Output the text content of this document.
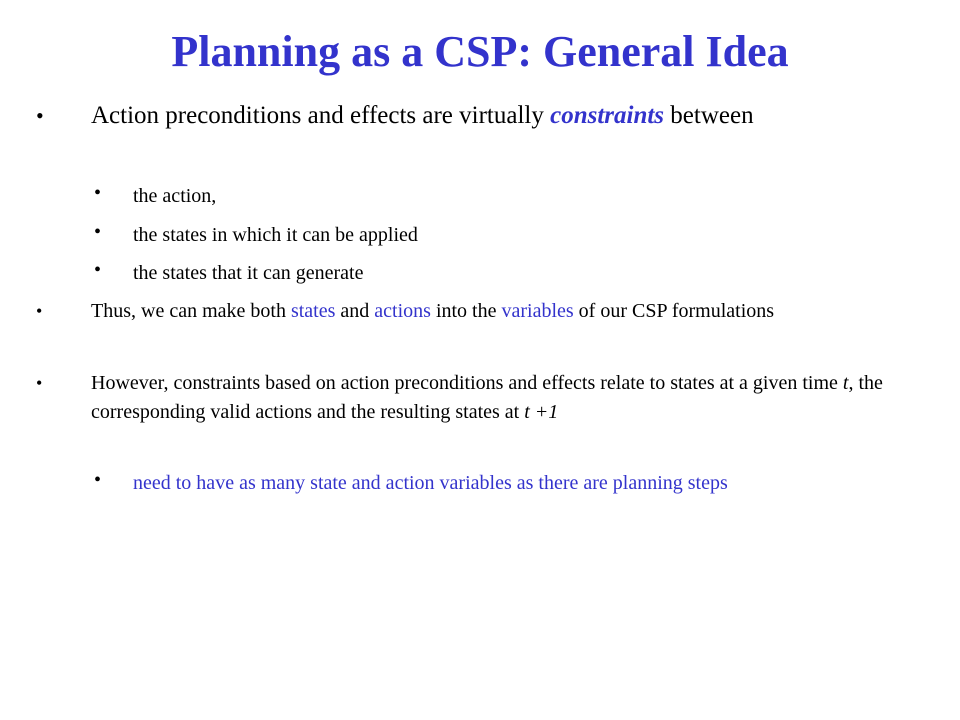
Planning as a CSP: General Idea
• Action preconditions and effects are virtually constraints between
• the action,
• the states in which it can be applied
• the states that it can generate
• Thus, we can make both states and actions into the variables of our CSP formulations
• However, constraints based on action preconditions and effects relate to states at a given time t, the corresponding valid actions and the resulting states at t +1
• need to have as many state and action variables as there are planning steps
